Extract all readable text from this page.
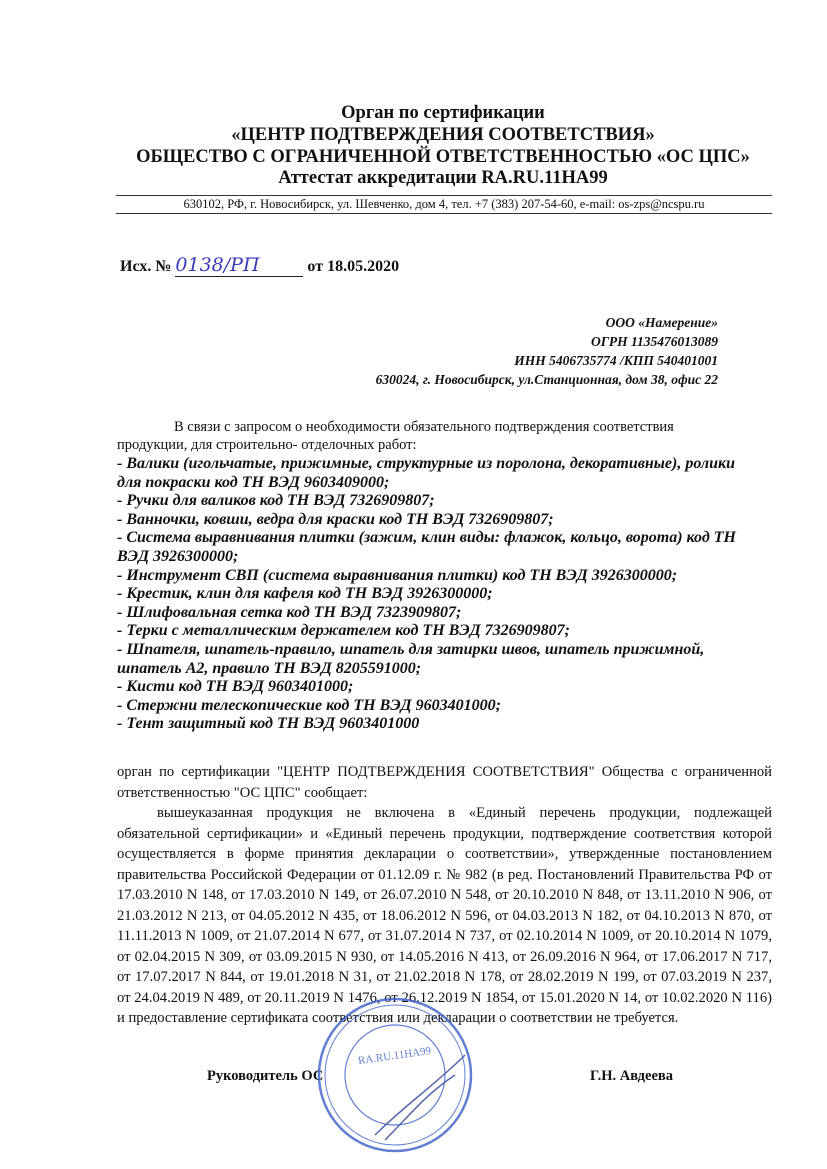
Орган по сертификации
«ЦЕНТР ПОДТВЕРЖДЕНИЯ СООТВЕТСТВИЯ»
ОБЩЕСТВО С ОГРАНИЧЕННОЙ ОТВЕТСТВЕННОСТЬЮ «ОС ЦПС»
Аттестат аккредитации RA.RU.11НА99
630102, РФ, г. Новосибирск, ул. Шевченко, дом 4, тел. +7 (383) 207-54-60, e-mail: os-zps@ncspu.ru
Исх. № 0138/РП	от 18.05.2020
ООО «Намерение»
ОГРН 1135476013089
ИНН 5406735774 /КПП 540401001
630024, г. Новосибирск, ул.Станционная, дом 38, офис 22
В связи с запросом о необходимости обязательного подтверждения соответствия продукции, для строительно- отделочных работ:
- Валики (игольчатые, прижимные, структурные из поролона, декоративные), ролики для покраски код ТН ВЭД 9603409000;
- Ручки для валиков код ТН ВЭД 7326909807;
- Ванночки, ковши, ведра для краски код ТН ВЭД 7326909807;
- Система выравнивания плитки (зажим, клин виды: флажок, кольцо, ворота) код ТН ВЭД 3926300000;
- Инструмент СВП (система выравнивания плитки) код ТН ВЭД 3926300000;
- Крестик, клин для кафеля код ТН ВЭД 3926300000;
- Шлифовальная сетка код ТН ВЭД 7323909807;
- Терки с металлическим держателем код ТН ВЭД 7326909807;
- Шпателя, шпатель-правило, шпатель для затирки швов, шпатель прижимной, шпатель А2, правило ТН ВЭД 8205591000;
- Кисти код ТН ВЭД 9603401000;
- Стержни телескопические код ТН ВЭД 9603401000;
- Тент защитный код ТН ВЭД 9603401000

орган по сертификации "ЦЕНТР ПОДТВЕРЖДЕНИЯ СООТВЕТСТВИЯ" Общества с ограниченной ответственностью "ОС ЦПС" сообщает:

вышеуказанная продукция не включена в «Единый перечень продукции, подлежащей обязательной сертификации» и «Единый перечень продукции, подтверждение соответствия которой осуществляется в форме принятия декларации о соответствии», утвержденные постановлением правительства Российской Федерации от 01.12.09 г. № 982 (в ред. Постановлений Правительства РФ от 17.03.2010 N 148, от 17.03.2010 N 149, от 26.07.2010 N 548, от 20.10.2010 N 848, от 13.11.2010 N 906, от 21.03.2012 N 213, от 04.05.2012 N 435, от 18.06.2012 N 596, от 04.03.2013 N 182, от 04.10.2013 N 870, от 11.11.2013 N 1009, от 21.07.2014 N 677, от 31.07.2014 N 737, от 02.10.2014 N 1009, от 20.10.2014 N 1079, от 02.04.2015 N 309, от 03.09.2015 N 930, от 14.05.2016 N 413, от 26.09.2016 N 964, от 17.06.2017 N 717, от 17.07.2017 N 844, от 19.01.2018 N 31, от 21.02.2018 N 178, от 28.02.2019 N 199, от 07.03.2019 N 237, от 24.04.2019 N 489, от 20.11.2019 N 1476, от 26.12.2019 N 1854, от 15.01.2020 N 14, от 10.02.2020 N 116) и предоставление сертификата соответствия или декларации о соответствии не требуется.

Руководитель ОС	Г.Н. Авдеева
RA.RU.11НА99
